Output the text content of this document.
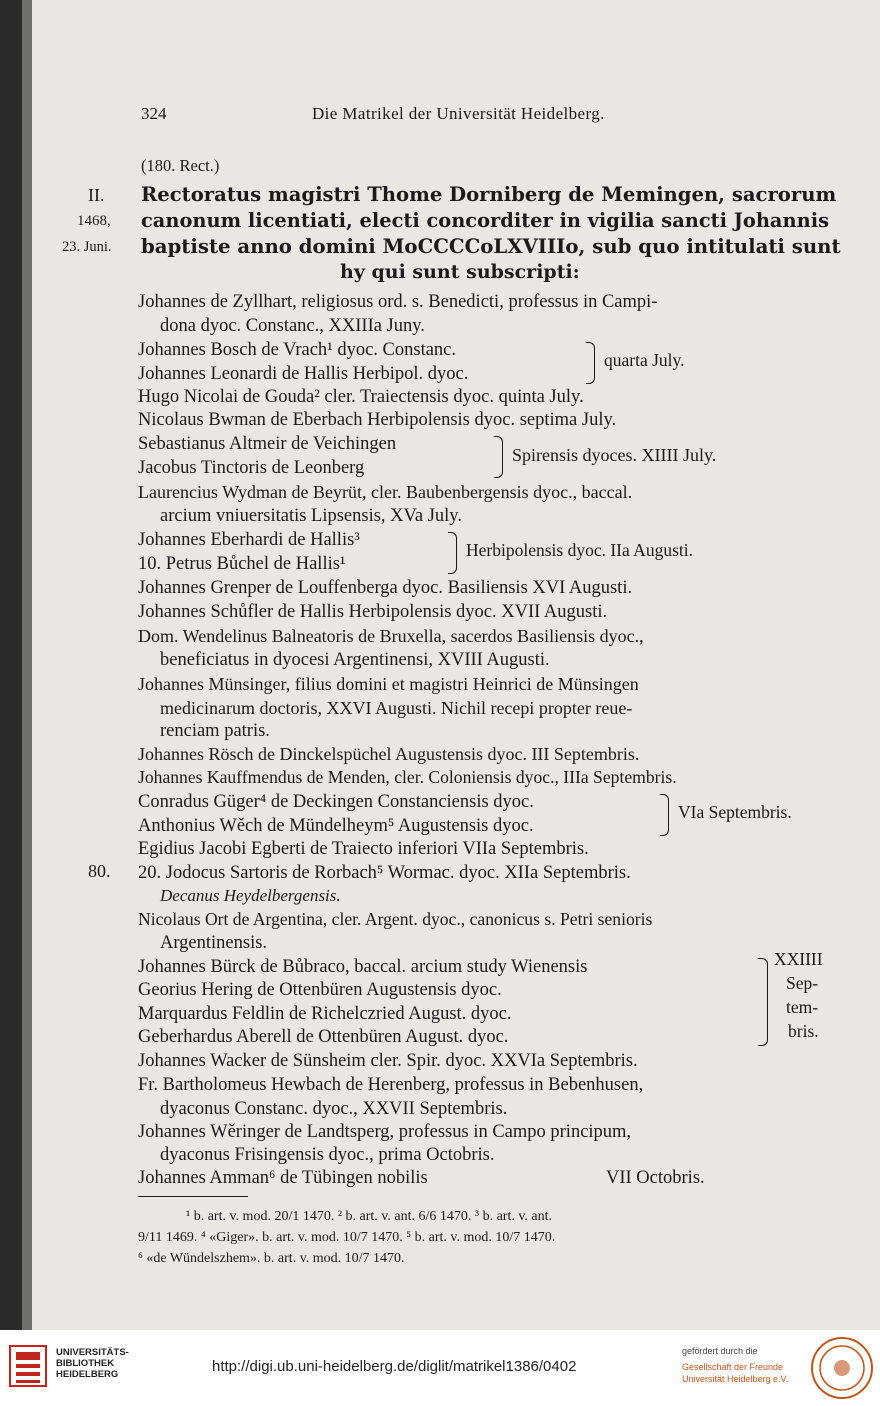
324	Die Matrikel der Universität Heidelberg.
(180. Rect.)
II.
1468,
23. Juni.
80.
Rectoratus magistri Thome Dorniberg de Memingen, sacrorum
canonum licentiati, electi concorditer in vigilia sancti Johannis
baptiste anno domini MoCCCCoLXVIIIo, sub quo intitulati sunt
hy qui sunt subscripti:
Johannes de Zyllhart, religiosus ord. s. Benedicti, professus in Campi-
dona dyoc. Constanc., XXIIIa Juny.
Johannes Bosch de Vrach¹ dyoc. Constanc.
Johannes Leonardi de Hallis Herbipol. dyoc.
Hugo Nicolai de Gouda² cler. Traiectensis dyoc. quinta July.
Nicolaus Bwman de Eberbach Herbipolensis dyoc. septima July.
Sebastianus Altmeir de Veichingen
Jacobus Tinctoris de Leonberg
Laurencius Wydman de Beyrüt, cler. Baubenbergensis dyoc., baccal.
arcium vniuersitatis Lipsensis, XVa July.
Johannes Eberhardi de Hallis³
10. Petrus Bůchel de Hallis¹
Johannes Grenper de Louffenberga dyoc. Basiliensis XVI Augusti.
Johannes Schůfler de Hallis Herbipolensis dyoc. XVII Augusti.
Dom. Wendelinus Balneatoris de Bruxella, sacerdos Basiliensis dyoc.,
beneficiatus in dyocesi Argentinensi, XVIII Augusti.
Johannes Münsinger, filius domini et magistri Heinrici de Münsingen
medicinarum doctoris, XXVI Augusti. Nichil recepi propter reue-
renciam patris.
Johannes Rösch de Dinckelspüchel Augustensis dyoc. III Septembris.
Johannes Kauffmendus de Menden, cler. Coloniensis dyoc., IIIa Septembris.
Conradus Güger⁴ de Deckingen Constanciensis dyoc.
Anthonius Wěch de Mündelheym⁵ Augustensis dyoc.
Egidius Jacobi Egberti de Traiecto inferiori VIIa Septembris.
20. Jodocus Sartoris de Rorbach⁵ Wormac. dyoc. XIIa Septembris.
Decanus Heydelbergensis.
Nicolaus Ort de Argentina, cler. Argent. dyoc., canonicus s. Petri senioris
Argentinensis.
Johannes Bürck de Bůbraco, baccal. arcium study Wienensis
Georius Hering de Ottenbüren Augustensis dyoc.
Marquardus Feldlin de Richelczried August. dyoc.
Geberhardus Aberell de Ottenbüren August. dyoc.
Johannes Wacker de Sünsheim cler. Spir. dyoc. XXVIa Septembris.
Fr. Bartholomeus Hewbach de Herenberg, professus in Bebenhusen,
dyaconus Constanc. dyoc., XXVII Septembris.
Johannes Wěringer de Landtsperg, professus in Campo principum,
dyaconus Frisingensis dyoc., prima Octobris.
Johannes Amman⁶ de Tübingen nobilis	VII Octobris.
quarta July.
Spirensis dyoces. XIIII July.
Herbipolensis dyoc. IIa Augusti.
VIa Septembris.
XXIIII
Sep-
tem-
bris.
¹ b. art. v. mod. 20/1 1470. ² b. art. v. ant. 6/6 1470. ³ b. art. v. ant.
9/11 1469. ⁴ «Giger». b. art. v. mod. 10/7 1470. ⁵ b. art. v. mod. 10/7 1470.
⁶ «de Wündelszhem». b. art. v. mod. 10/7 1470.
UNIVERSITÄTS-
BIBLIOTHEK
HEIDELBERG	http://digi.ub.uni-heidelberg.de/diglit/matrikel1386/0402
gefördert durch die
Gesellschaft der Freunde
Universität Heidelberg e.V.
